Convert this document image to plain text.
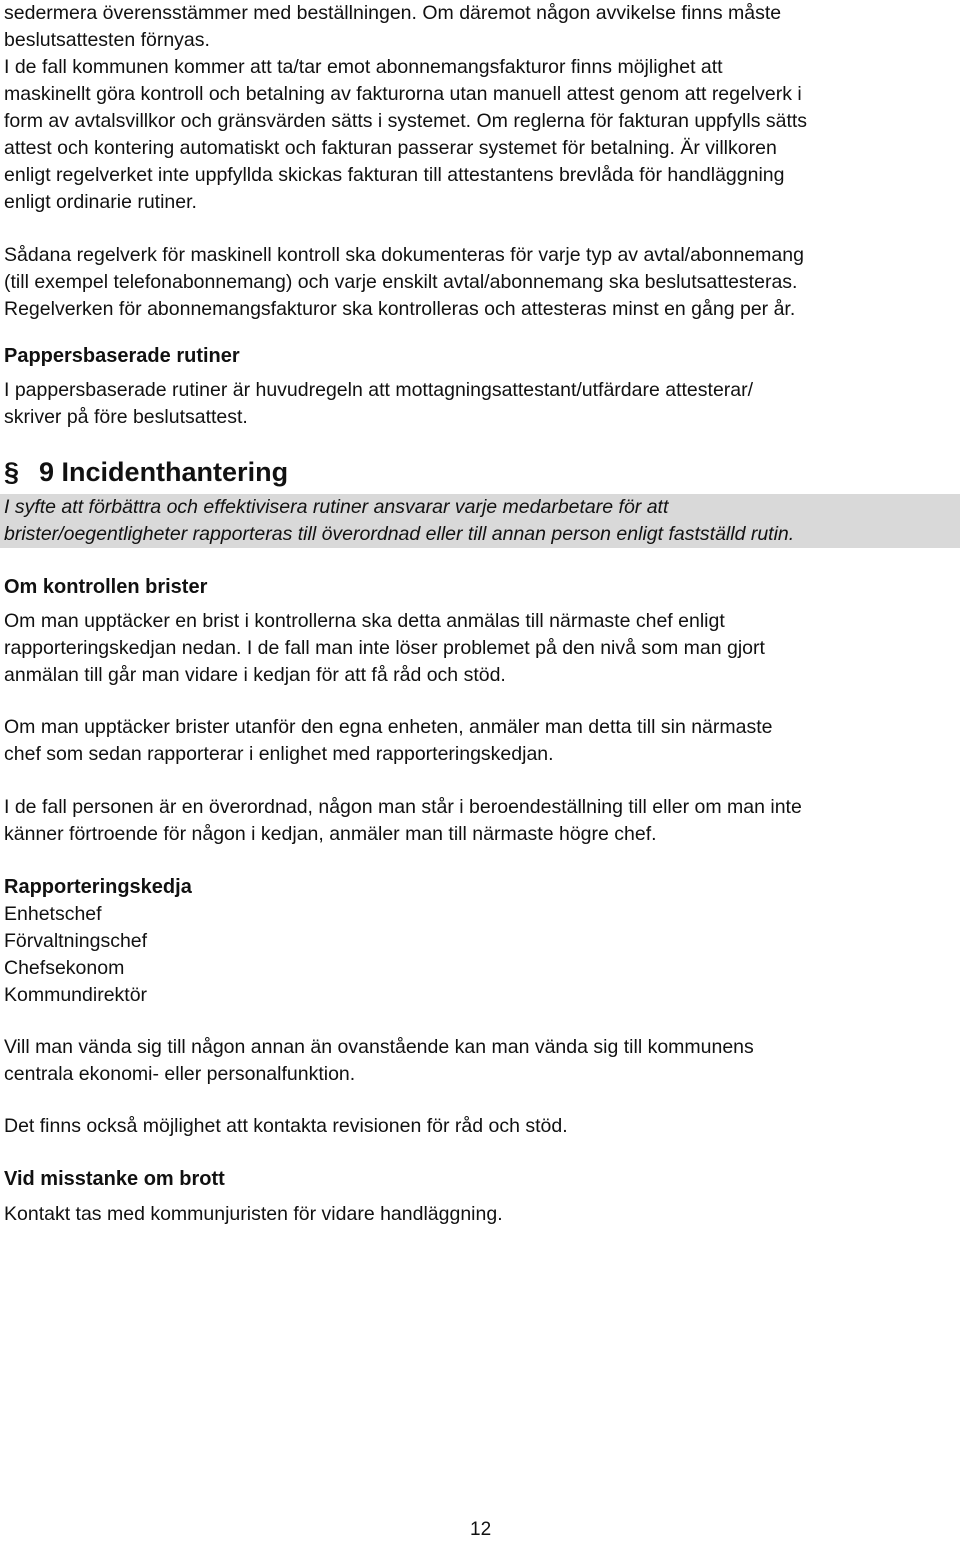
sedermera överensstämmer med beställningen. Om däremot någon avvikelse finns måste
beslutsattesten förnyas.
I de fall kommunen kommer att ta/tar emot abonnemangsfakturor finns möjlighet att
maskinellt göra kontroll och betalning av fakturorna utan manuell attest genom att regelverk i
form av avtalsvillkor och gränsvärden sätts i systemet. Om reglerna för fakturan uppfylls sätts
attest och kontering automatiskt och fakturan passerar systemet för betalning. Är villkoren
enligt regelverket inte uppfyllda skickas fakturan till attestantens brevlåda för handläggning
enligt ordinarie rutiner.
Sådana regelverk för maskinell kontroll ska dokumenteras för varje typ av avtal/abonnemang
(till exempel telefonabonnemang) och varje enskilt avtal/abonnemang ska beslutsattesteras.
Regelverken för abonnemangsfakturor ska kontrolleras och attesteras minst en gång per år.
Pappersbaserade rutiner
I pappersbaserade rutiner är huvudregeln att mottagningsattestant/utfärdare attesterar/
skriver på före beslutsattest.
§ 9 Incidenthantering
I syfte att förbättra och effektivisera rutiner ansvarar varje medarbetare för att
brister/oegentligheter rapporteras till överordnad eller till annan person enligt fastställd rutin.
Om kontrollen brister
Om man upptäcker en brist i kontrollerna ska detta anmälas till närmaste chef enligt
rapporteringskedjan nedan. I de fall man inte löser problemet på den nivå som man gjort
anmälan till går man vidare i kedjan för att få råd och stöd.
Om man upptäcker brister utanför den egna enheten, anmäler man detta till sin närmaste
chef som sedan rapporterar i enlighet med rapporteringskedjan.
I de fall personen är en överordnad, någon man står i beroendeställning till eller om man inte
känner förtroende för någon i kedjan, anmäler man till närmaste högre chef.
Rapporteringskedja
Enhetschef
Förvaltningschef
Chefsekonom
Kommundirektör
Vill man vända sig till någon annan än ovanstående kan man vända sig till kommunens
centrala ekonomi- eller personalfunktion.
Det finns också möjlighet att kontakta revisionen för råd och stöd.
Vid misstanke om brott
Kontakt tas med kommunjuristen för vidare handläggning.
12
